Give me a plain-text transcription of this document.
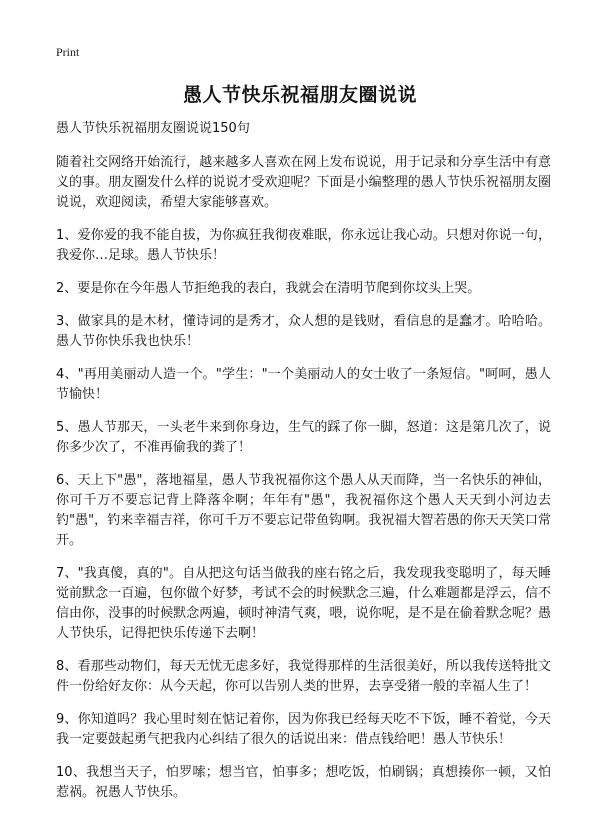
Print
愚人节快乐祝福朋友圈说说

愚人节快乐祝福朋友圈说说150句

随着社交网络开始流行，越来越多人喜欢在网上发布说说，用于记录和分享生活中有意义的事。朋友圈发什么样的说说才受欢迎呢？下面是小编整理的愚人节快乐祝福朋友圈说说，欢迎阅读，希望大家能够喜欢。

1、爱你爱的我不能自拔，为你疯狂我彻夜难眠，你永远让我心动。只想对你说一句，我爱你…足球。愚人节快乐！

2、要是你在今年愚人节拒绝我的表白，我就会在清明节爬到你坟头上哭。

3、做家具的是木材，懂诗词的是秀才，众人想的是钱财，看信息的是蠢才。哈哈哈。愚人节你快乐我也快乐！

4、"再用美丽动人造一个。"学生："一个美丽动人的女士收了一条短信。"呵呵，愚人节愉快！

5、愚人节那天，一头老牛来到你身边，生气的踩了你一脚，怒道：这是第几次了，说你多少次了，不准再偷我的粪了！

6、天上下"愚"，落地福星，愚人节我祝福你这个愚人从天而降，当一名快乐的神仙，你可千万不要忘记背上降落伞啊；年年有"愚"，我祝福你这个愚人天天到小河边去钓"愚"，钓来幸福吉祥，你可千万不要忘记带鱼钩啊。我祝福大智若愚的你天天笑口常开。

7、"我真傻，真的"。自从把这句话当做我的座右铭之后，我发现我变聪明了，每天睡觉前默念一百遍，包你做个好梦，考试不会的时候默念三遍，什么难题都是浮云，信不信由你，没事的时候默念两遍，顿时神清气爽，喂，说你呢，是不是在偷着默念呢？愚人节快乐，记得把快乐传递下去啊！

8、看那些动物们，每天无忧无虑多好，我觉得那样的生活很美好，所以我传送特批文件一份给好友你：从今天起，你可以告别人类的世界，去享受猪一般的幸福人生了！

9、你知道吗？我心里时刻在惦记着你，因为你我已经每天吃不下饭，睡不着觉，今天我一定要鼓起勇气把我内心纠结了很久的话说出来：借点钱给吧！愚人节快乐！

10、我想当天子，怕罗嗦；想当官，怕事多；想吃饭，怕刷锅；真想揍你一顿，又怕惹祸。祝愚人节快乐。
